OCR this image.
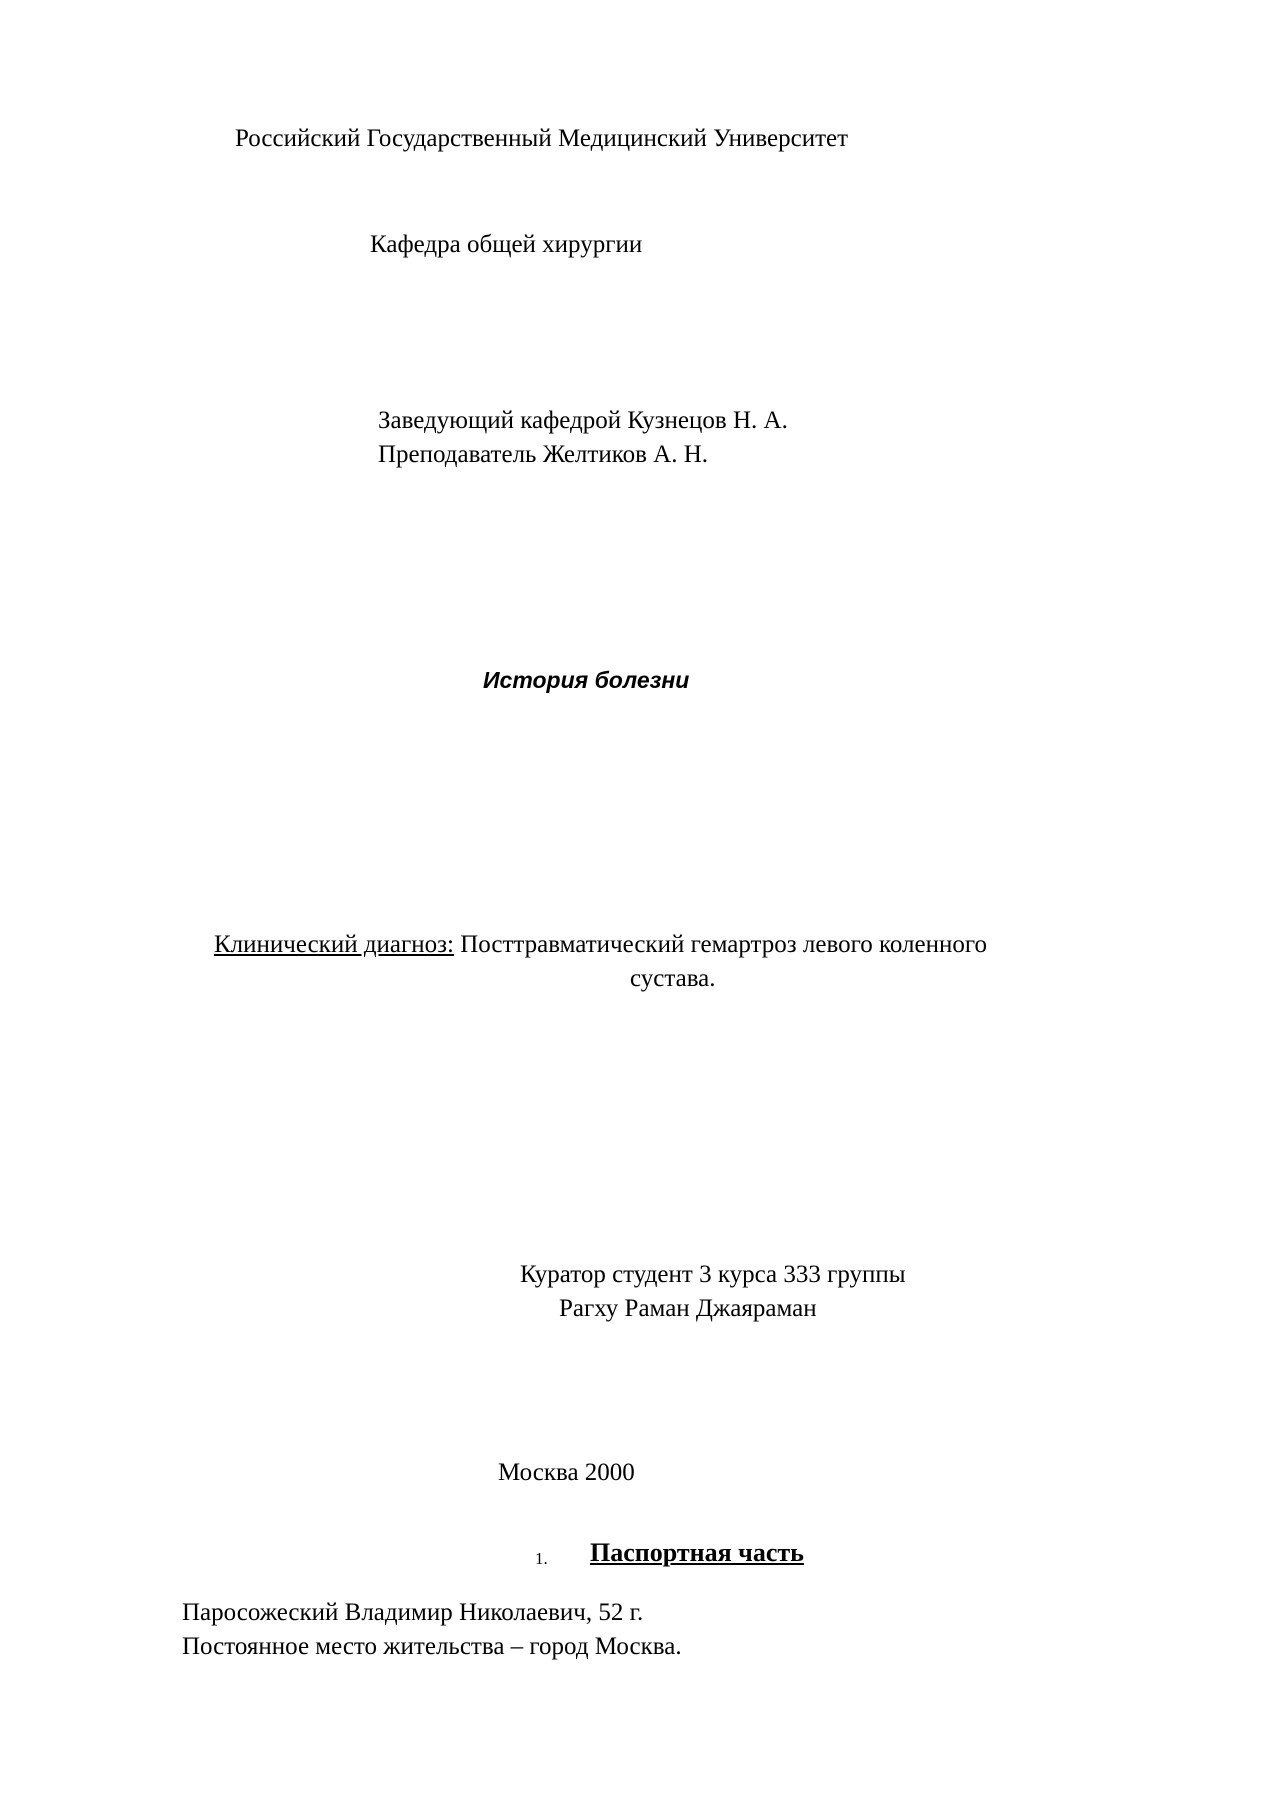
Российский Государственный Медицинский Университет
Кафедра общей хирургии
Заведующий кафедрой Кузнецов Н. А.
Преподаватель Желтиков А. Н.
История болезни
Клинический диагноз: Посттравматический гемартроз левого коленного
сустава.
Куратор студент 3 курса 333 группы
Рагху Раман Джаяраман
Москва 2000
1. Паспортная часть
Паросожеский Владимир Николаевич, 52 г.
Постоянное место жительства – город Москва.
